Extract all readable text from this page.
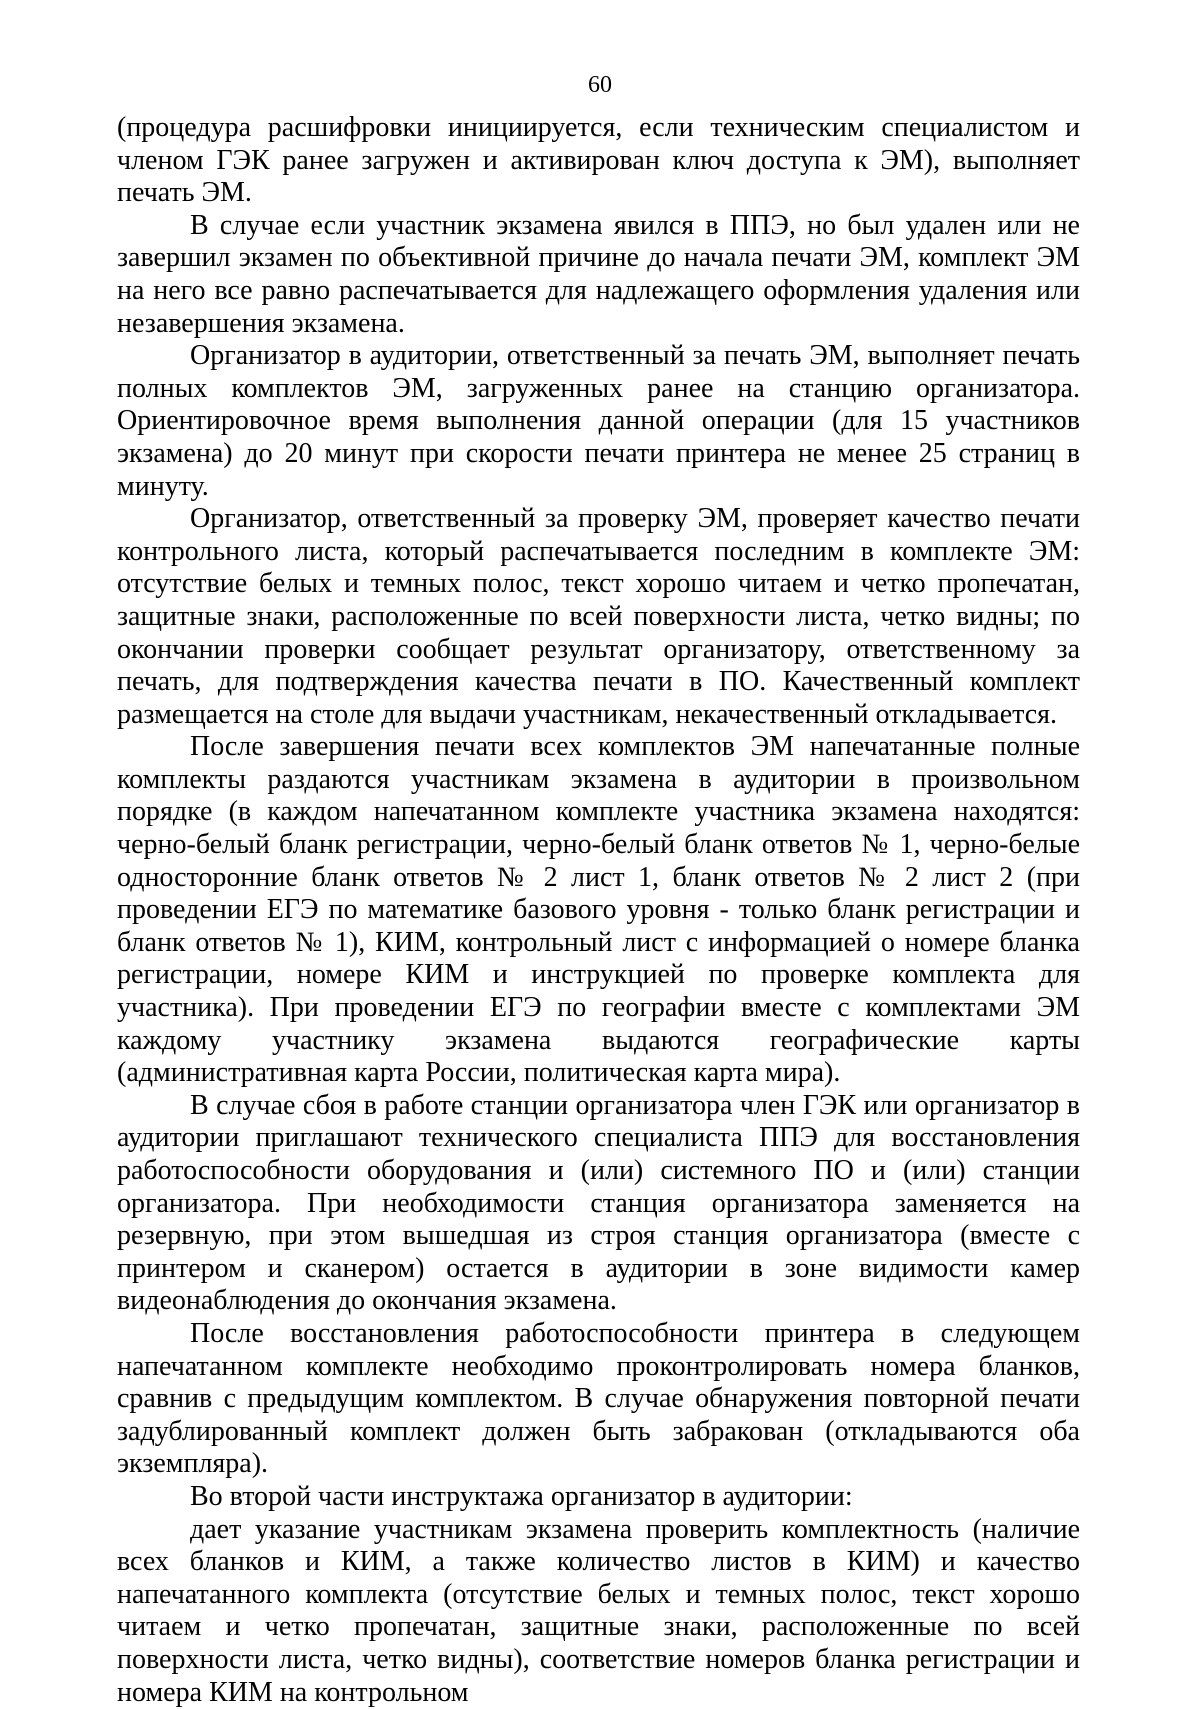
60

(процедура расшифровки инициируется, если техническим специалистом и членом ГЭК ранее загружен и активирован ключ доступа к ЭМ), выполняет печать ЭМ.

В случае если участник экзамена явился в ППЭ, но был удален или не завершил экзамен по объективной причине до начала печати ЭМ, комплект ЭМ на него все равно распечатывается для надлежащего оформления удаления или незавершения экзамена.

Организатор в аудитории, ответственный за печать ЭМ, выполняет печать полных комплектов ЭМ, загруженных ранее на станцию организатора. Ориентировочное время выполнения данной операции (для 15 участников экзамена) до 20 минут при скорости печати принтера не менее 25 страниц в минуту.

Организатор, ответственный за проверку ЭМ, проверяет качество печати контрольного листа, который распечатывается последним в комплекте ЭМ: отсутствие белых и темных полос, текст хорошо читаем и четко пропечатан, защитные знаки, расположенные по всей поверхности листа, четко видны; по окончании проверки сообщает результат организатору, ответственному за печать, для подтверждения качества печати в ПО. Качественный комплект размещается на столе для выдачи участникам, некачественный откладывается.

После завершения печати всех комплектов ЭМ напечатанные полные комплекты раздаются участникам экзамена в аудитории в произвольном порядке (в каждом напечатанном комплекте участника экзамена находятся: черно-белый бланк регистрации, черно-белый бланк ответов № 1, черно-белые односторонние бланк ответов № 2 лист 1, бланк ответов № 2 лист 2 (при проведении ЕГЭ по математике базового уровня - только бланк регистрации и бланк ответов № 1), КИМ, контрольный лист с информацией о номере бланка регистрации, номере КИМ и инструкцией по проверке комплекта для участника). При проведении ЕГЭ по географии вместе с комплектами ЭМ каждому участнику экзамена выдаются географические карты (административная карта России, политическая карта мира).

В случае сбоя в работе станции организатора член ГЭК или организатор в аудитории приглашают технического специалиста ППЭ для восстановления работоспособности оборудования и (или) системного ПО и (или) станции организатора. При необходимости станция организатора заменяется на резервную, при этом вышедшая из строя станция организатора (вместе с принтером и сканером) остается в аудитории в зоне видимости камер видеонаблюдения до окончания экзамена.

После восстановления работоспособности принтера в следующем напечатанном комплекте необходимо проконтролировать номера бланков, сравнив с предыдущим комплектом. В случае обнаружения повторной печати задублированный комплект должен быть забракован (откладываются оба экземпляра).

Во второй части инструктажа организатор в аудитории:

дает указание участникам экзамена проверить комплектность (наличие всех бланков и КИМ, а также количество листов в КИМ) и качество напечатанного комплекта (отсутствие белых и темных полос, текст хорошо читаем и четко пропечатан, защитные знаки, расположенные по всей поверхности листа, четко видны), соответствие номеров бланка регистрации и номера КИМ на контрольном
